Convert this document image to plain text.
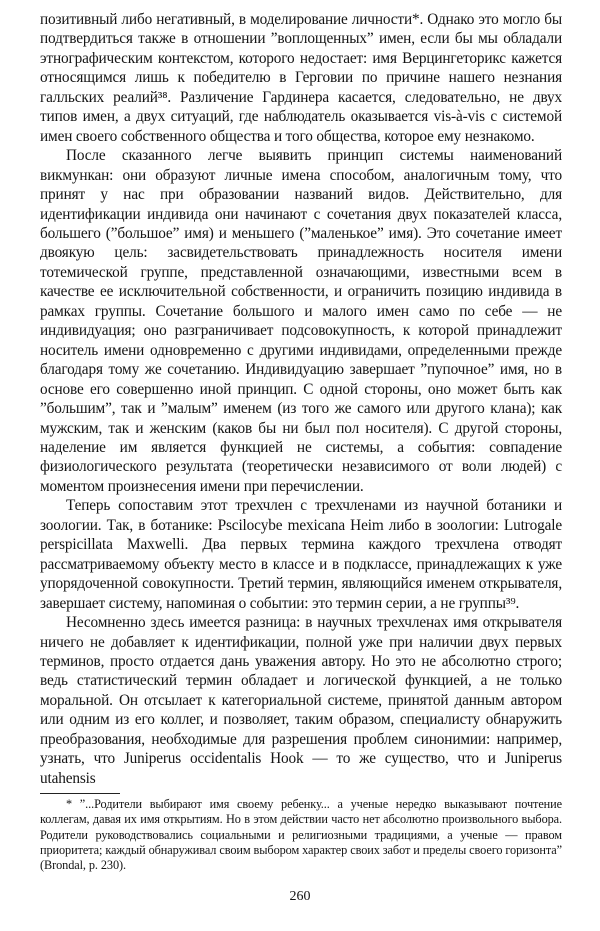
позитивный либо негативный, в моделирование личности*. Однако это могло бы подтвердиться также в отношении ”воплощенных” имен, если бы мы обладали этнографическим контекстом, которого недостает: имя Верцингеторикс кажется относящимся лишь к победителю в Герговии по причине нашего незнания галльских реалий³⁸. Различение Гардинера касается, следовательно, не двух типов имен, а двух ситуаций, где наблюдатель оказывается vis-à-vis с системой имен своего собственного общества и того общества, которое ему незнакомо.

После сказанного легче выявить принцип системы наименований викмункан: они образуют личные имена способом, аналогичным тому, что принят у нас при образовании названий видов. Действительно, для идентификации индивида они начинают с сочетания двух показателей класса, большего (”большое” имя) и меньшего (”маленькое” имя). Это сочетание имеет двоякую цель: засвидетельствовать принадлежность носителя имени тотемической группе, представленной означающими, известными всем в качестве ее исключительной собственности, и ограничить позицию индивида в рамках группы. Сочетание большого и малого имен само по себе — не индивидуация; оно разграничивает подсовокупность, к которой принадлежит носитель имени одновременно с другими индивидами, определенными прежде благодаря тому же сочетанию. Индивидуацию завершает ”пупочное” имя, но в основе его совершенно иной принцип. С одной стороны, оно может быть как ”большим”, так и ”малым” именем (из того же самого или другого клана); как мужским, так и женским (каков бы ни был пол носителя). С другой стороны, наделение им является функцией не системы, а события: совпадение физиологического результата (теоретически независимого от воли людей) с моментом произнесения имени при перечислении.

Теперь сопоставим этот трехчлен с трехчленами из научной ботаники и зоологии. Так, в ботанике: Pscilocybe mexicana Heim либо в зоологии: Lutrogale perspicillata Maxwelli. Два первых термина каждого трехчлена отводят рассматриваемому объекту место в классе и в подклассе, принадлежащих к уже упорядоченной совокупности. Третий термин, являющийся именем открывателя, завершает систему, напоминая о событии: это термин серии, а не группы³⁹.

Несомненно здесь имеется разница: в научных трехчленах имя открывателя ничего не добавляет к идентификации, полной уже при наличии двух первых терминов, просто отдается дань уважения автору. Но это не абсолютно строго; ведь статистический термин обладает и логической функцией, а не только моральной. Он отсылает к категориальной системе, принятой данным автором или одним из его коллег, и позволяет, таким образом, специалисту обнаружить преобразования, необходимые для разрешения проблем синонимии: например, узнать, что Juniperus occidentalis Hook — то же существо, что и Juniperus utahensis

* ”...Родители выбирают имя своему ребенку... а ученые нередко выказывают почтение коллегам, давая их имя открытиям. Но в этом действии часто нет абсолютно произвольного выбора. Родители руководствовались социальными и религиозными традициями, а ученые — правом приоритета; каждый обнаруживал своим выбором характер своих забот и пределы своего горизонта” (Brondal, p. 230).

260
